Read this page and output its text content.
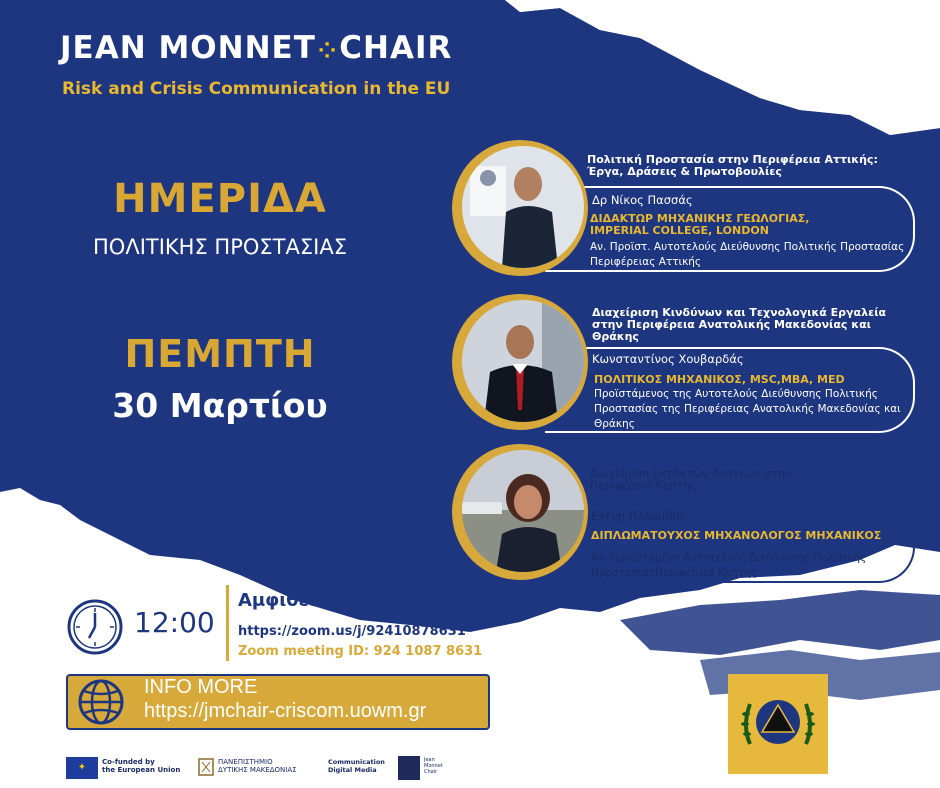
JEAN MONNET⁘CHAIR
Risk and Crisis Communication in the EU
ΗΜΕΡΙΔΑ
ΠΟΛΙΤΙΚΗΣ ΠΡΟΣΤΑΣΙΑΣ
ΠΕΜΠΤΗ
30 Μαρτίου
Πολιτική Προστασία στην Περιφέρεια Αττικής:
Έργα, Δράσεις & Πρωτοβουλίες
Δρ Νίκος Πασσάς
ΔΙΔΑΚΤΩΡ ΜΗΧΑΝΙΚΗΣ ΓΕΩΛΟΓΙΑΣ,
IMPERIAL COLLEGE, LONDON
Αν. Προϊστ. Αυτοτελούς Διεύθυνσης Πολιτικής Προστασίας
Περιφέρειας Αττικής
Διαχείριση Κινδύνων και Τεχνολογικά Εργαλεία
στην Περιφέρεια Ανατολικής Μακεδονίας και
Θράκης
Κωνσταντίνος Χουβαρδάς
ΠΟΛΙΤΙΚΟΣ ΜΗΧΑΝΙΚΟΣ, MSC,MBA, MED
Προϊστάμενος της Αυτοτελούς Διεύθυνσης Πολιτικής
Προστασίας της Περιφέρειας Ανατολικής Μακεδονίας και
Θράκης
Διαχείριση Εκτάκτων Αναγκών στην
Περιφέρεια Κρήτης
Ελένη Πλουμίδη
ΔΙΠΛΩΜΑΤΟΥΧΟΣ ΜΗΧΑΝΟΛΟΓΟΣ ΜΗΧΑΝΙΚΟΣ
Αν. Προϊσταμένη Αυτοτελούς Διεύθυνσης Πολιτικής
ΠροστασίαςΠεριφέρεια Κρήτης
12:00
Αμφιθέατρο 1
https://zoom.us/j/92410878631
Zoom meeting ID: 924 1087 8631
INFO MORE
https://jmchair-criscom.uowm.gr
✦	Co-funded by
the European Union
ΠΑΝΕΠΙΣΤΗΜΙΟ
ΔΥΤΙΚΗΣ ΜΑΚΕΔΟΝΙΑΣ
Communication
Digital Media
Jean
Monnet
Chair
